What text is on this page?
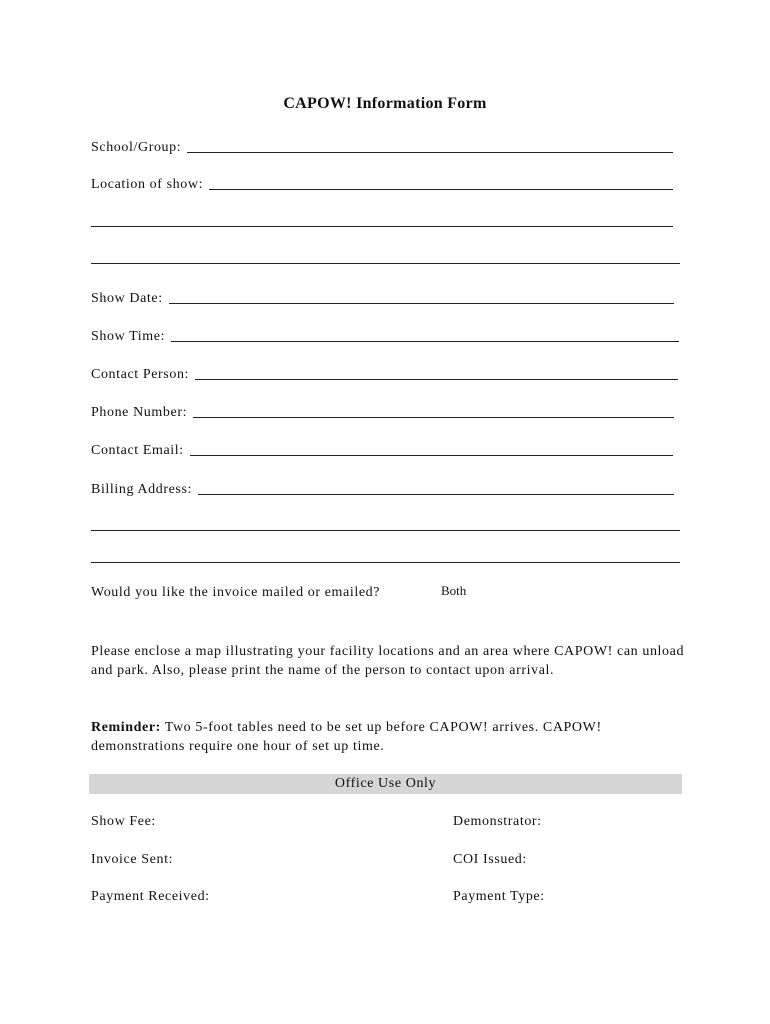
CAPOW! Information Form
School/Group:
Location of show:
Show Date:
Show Time:
Contact Person:
Phone Number:
Contact Email:
Billing Address:
Would you like the invoice mailed or emailed?	Both
Please enclose a map illustrating your facility locations and an area where CAPOW! can unload and park. Also, please print the name of the person to contact upon arrival.
Reminder: Two 5-foot tables need to be set up before CAPOW! arrives. CAPOW! demonstrations require one hour of set up time.
Office Use Only
Show Fee:	Demonstrator:
Invoice Sent:	COI Issued:
Payment Received:	Payment Type:
